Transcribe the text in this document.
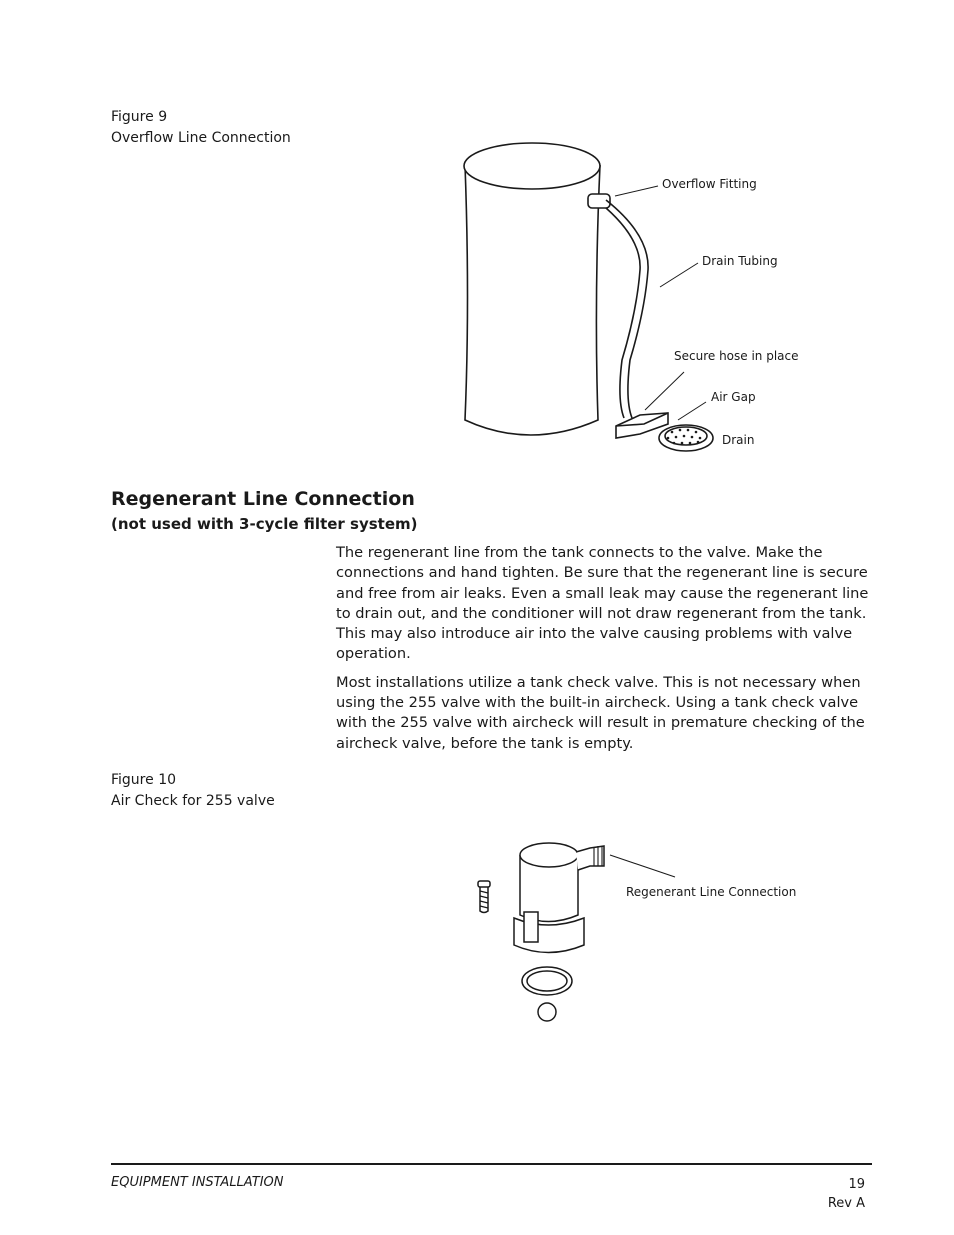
Figure 9
Overflow Line Connection
Overflow Fitting
Drain Tubing
Secure hose in place
Air Gap
Drain
Regenerant Line Connection
(not used with 3-cycle filter system)

The regenerant line from the tank connects to the valve. Make the connections and hand tighten. Be sure that the regenerant line is secure and free from air leaks. Even a small leak may cause the regenerant line to drain out, and the conditioner will not draw regenerant from the tank. This may also introduce air into the valve causing problems with valve operation.

Most installations utilize a tank check valve. This is not necessary when using the 255 valve with the built-in aircheck. Using a tank check valve with the 255 valve with aircheck will result in premature checking of the aircheck valve, before the tank is empty.

Figure 10
Air Check for 255 valve
Regenerant Line Connection
EQUIPMENT INSTALLATION	19
Rev A
